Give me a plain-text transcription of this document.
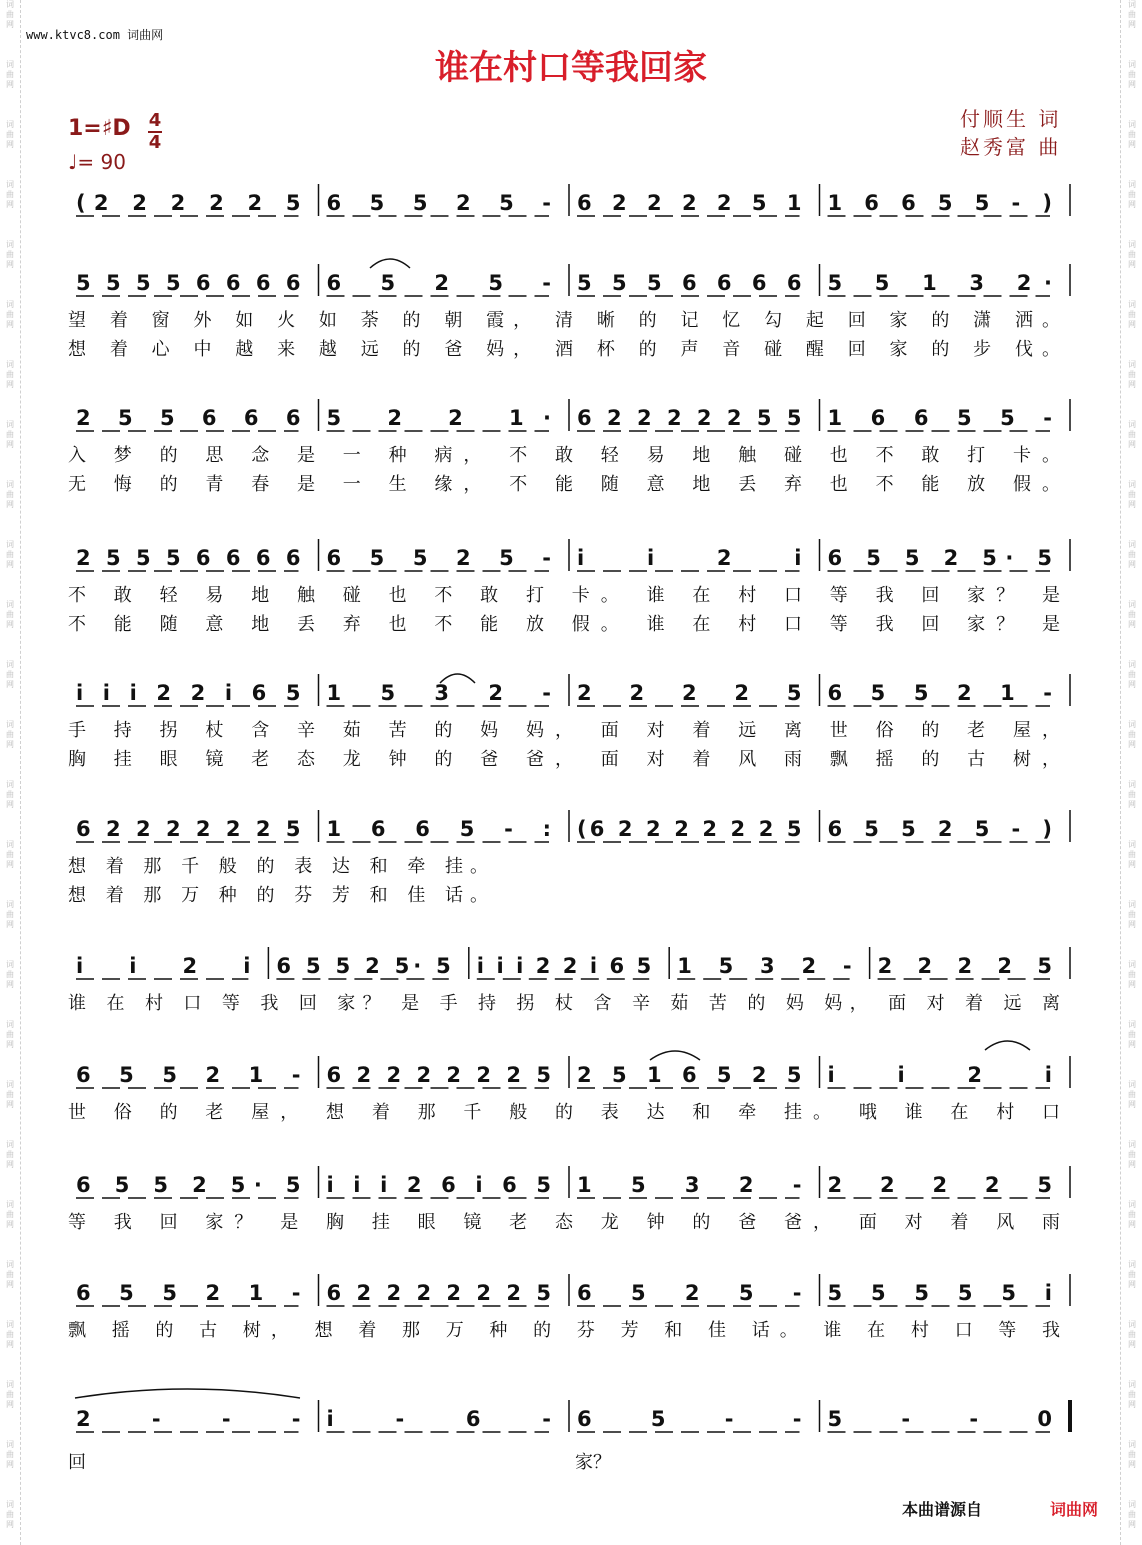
词
曲
网
词
曲
网
词
曲
网
词
曲
网
词
曲
网
词
曲
网
词
曲
网
词
曲
网
词
曲
网
词
曲
网
词
曲
网
词
曲
网
词
曲
网
词
曲
网
词
曲
网
词
曲
网
词
曲
网
词
曲
网
词
曲
网
词
曲
网
词
曲
网
词
曲
网
词
曲
网
词
曲
网
词
曲
网
词
曲
网
词
曲
网
词
曲
网
词
曲
网
词
曲
网
词
曲
网
词
曲
网
词
曲
网
词
曲
网
词
曲
网
词
曲
网
词
曲
网
词
曲
网
词
曲
网
词
曲
网
词
曲
网
词
曲
网
词
曲
网
词
曲
网
词
曲
网
词
曲
网
词
曲
网
词
曲
网
词
曲
网
词
曲
网
词
曲
网
词
曲
网
www.ktvc8.com 词曲网
谁在村口等我回家
1=♯D 4
4
♩= 90
付顺生 词
赵秀富 曲
(2 2 2 2 2 5 6 5 5 2 5 - 6 2 2 2 2 5 1 1 6 6 5 5 - )
5 5 5 5 6 6 6 6 6 5 2 5 - 5 5 5 6 6 6 6 5 5 1 3 2·
望 着 窗 外 如 火 如 荼 的 朝 霞， 清 晰 的 记 忆 勾 起 回 家 的 潇 洒。
想 着 心 中 越 来 越 远 的 爸 妈， 酒 杯 的 声 音 碰 醒 回 家 的 步 伐。
2 5 5 6 6 6 5 2 2 1· 6 2 2 2 2 2 5 5 1 6 6 5 5 -
入 梦 的 思 念 是 一 种 病， 不 敢 轻 易 地 触 碰 也 不 敢 打 卡。
无 悔 的 青 春 是 一 生 缘， 不 能 随 意 地 丢 弃 也 不 能 放 假。
2 5 5 5 6 6 6 6 6 5 5 2 5 - i i 2 i 6 5 5 2 5· 5
不 敢 轻 易 地 触 碰 也 不 敢 打 卡。 谁 在 村 口 等 我 回 家？ 是
不 能 随 意 地 丢 弃 也 不 能 放 假。 谁 在 村 口 等 我 回 家？ 是
i i i 2 2 i 6 5 1 5 3 2 - 2 2 2 2 5 6 5 5 2 1 -
手 持 拐 杖 含 辛 茹 苦 的 妈 妈， 面 对 着 远 离 世 俗 的 老 屋，
胸 挂 眼 镜 老 态 龙 钟 的 爸 爸， 面 对 着 风 雨 飘 摇 的 古 树，
6 2 2 2 2 2 2 5 1 6 6 5 - : (6 2 2 2 2 2 2 5 6 5 5 2 5 - )
想 着 那 千 般 的 表 达 和 牵 挂。
想 着 那 万 种 的 芬 芳 和 佳 话。
i i 2 i 6 5 5 2 5· 5 i i i 2 2 i 6 5 1 5 3 2 - 2 2 2 2 5
谁 在 村 口 等 我 回 家？ 是 手 持 拐 杖 含 辛 茹 苦 的 妈 妈， 面 对 着 远 离
6 5 5 2 1 - 6 2 2 2 2 2 2 5 2 5 1 6 5 2 5 i i 2 i
世 俗 的 老 屋， 想 着 那 千 般 的 表 达 和 牵 挂。 哦 谁 在 村 口
6 5 5 2 5· 5 i i i 2 6 i 6 5 1 5 3 2 - 2 2 2 2 5
等 我 回 家？ 是 胸 挂 眼 镜 老 态 龙 钟 的 爸 爸， 面 对 着 风 雨
6 5 5 2 1 - 6 2 2 2 2 2 2 5 6 5 2 5 - 5 5 5 5 5 i
飘 摇 的 古 树， 想 着 那 万 种 的 芬 芳 和 佳 话。 谁 在 村 口 等 我
2 - - - i - 6 - 6 5 - - 5 - - 0
回	家？
本曲谱源自	词曲网
